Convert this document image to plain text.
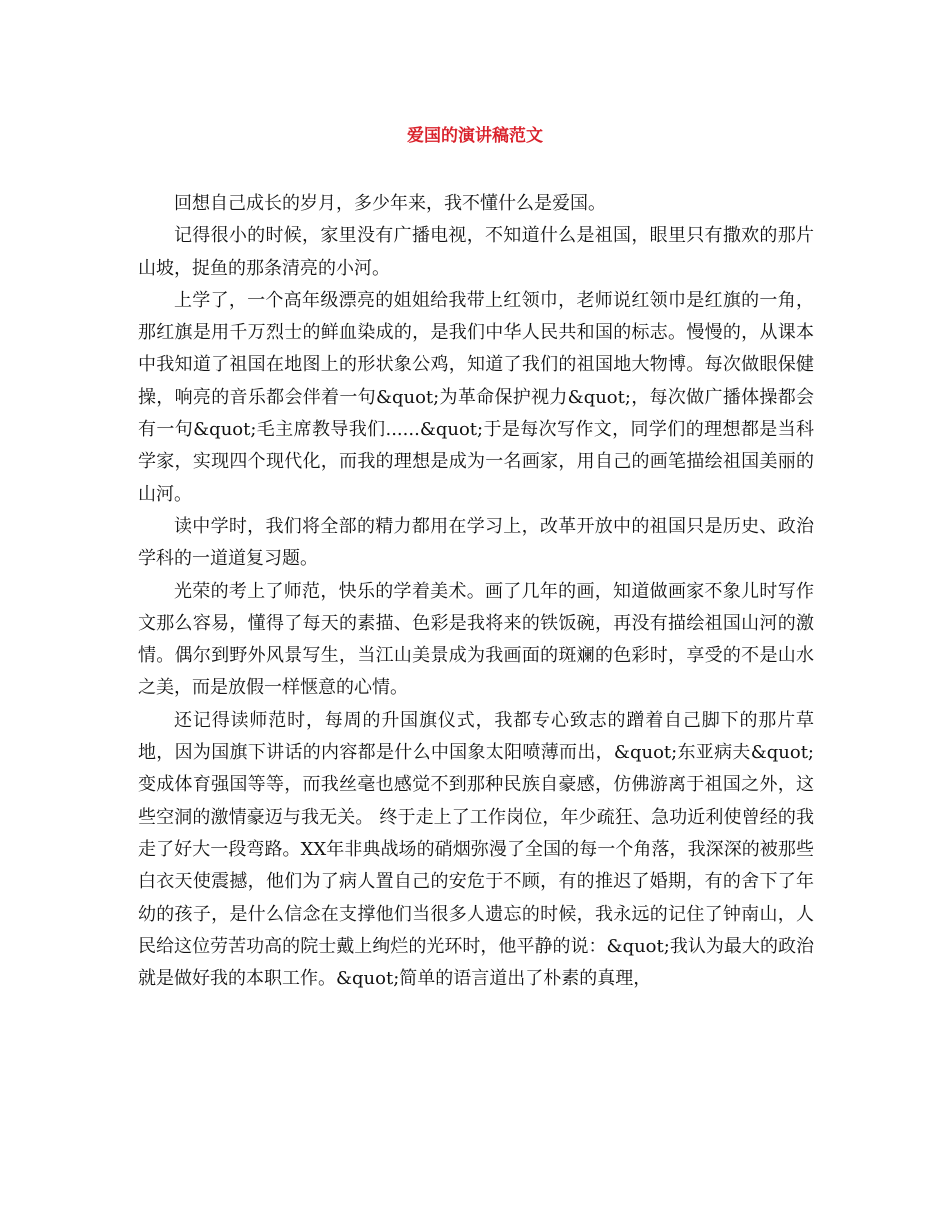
爱国的演讲稿范文

回想自己成长的岁月，多少年来，我不懂什么是爱国。

记得很小的时候，家里没有广播电视，不知道什么是祖国，眼里只有撒欢的那片山坡，捉鱼的那条清亮的小河。

上学了，一个高年级漂亮的姐姐给我带上红领巾，老师说红领巾是红旗的一角，那红旗是用千万烈士的鲜血染成的，是我们中华人民共和国的标志。慢慢的，从课本中我知道了祖国在地图上的形状象公鸡，知道了我们的祖国地大物博。每次做眼保健操，响亮的音乐都会伴着一句&quot;为革命保护视力&quot;，每次做广播体操都会有一句&quot;毛主席教导我们......&quot;于是每次写作文，同学们的理想都是当科学家，实现四个现代化，而我的理想是成为一名画家，用自己的画笔描绘祖国美丽的山河。

读中学时，我们将全部的精力都用在学习上，改革开放中的祖国只是历史、政治学科的一道道复习题。

光荣的考上了师范，快乐的学着美术。画了几年的画，知道做画家不象儿时写作文那么容易，懂得了每天的素描、色彩是我将来的铁饭碗，再没有描绘祖国山河的激情。偶尔到野外风景写生，当江山美景成为我画面的斑斓的色彩时，享受的不是山水之美，而是放假一样惬意的心情。

还记得读师范时，每周的升国旗仪式，我都专心致志的蹭着自己脚下的那片草地，因为国旗下讲话的内容都是什么中国象太阳喷薄而出，&quot;东亚病夫&quot;变成体育强国等等，而我丝毫也感觉不到那种民族自豪感，仿佛游离于祖国之外，这些空洞的激情豪迈与我无关。 终于走上了工作岗位，年少疏狂、急功近利使曾经的我走了好大一段弯路。XX年非典战场的硝烟弥漫了全国的每一个角落，我深深的被那些白衣天使震撼，他们为了病人置自己的安危于不顾，有的推迟了婚期，有的舍下了年幼的孩子，是什么信念在支撑他们当很多人遗忘的时候，我永远的记住了钟南山，人民给这位劳苦功高的院士戴上绚烂的光环时，他平静的说：&quot;我认为最大的政治就是做好我的本职工作。&quot;简单的语言道出了朴素的真理，
